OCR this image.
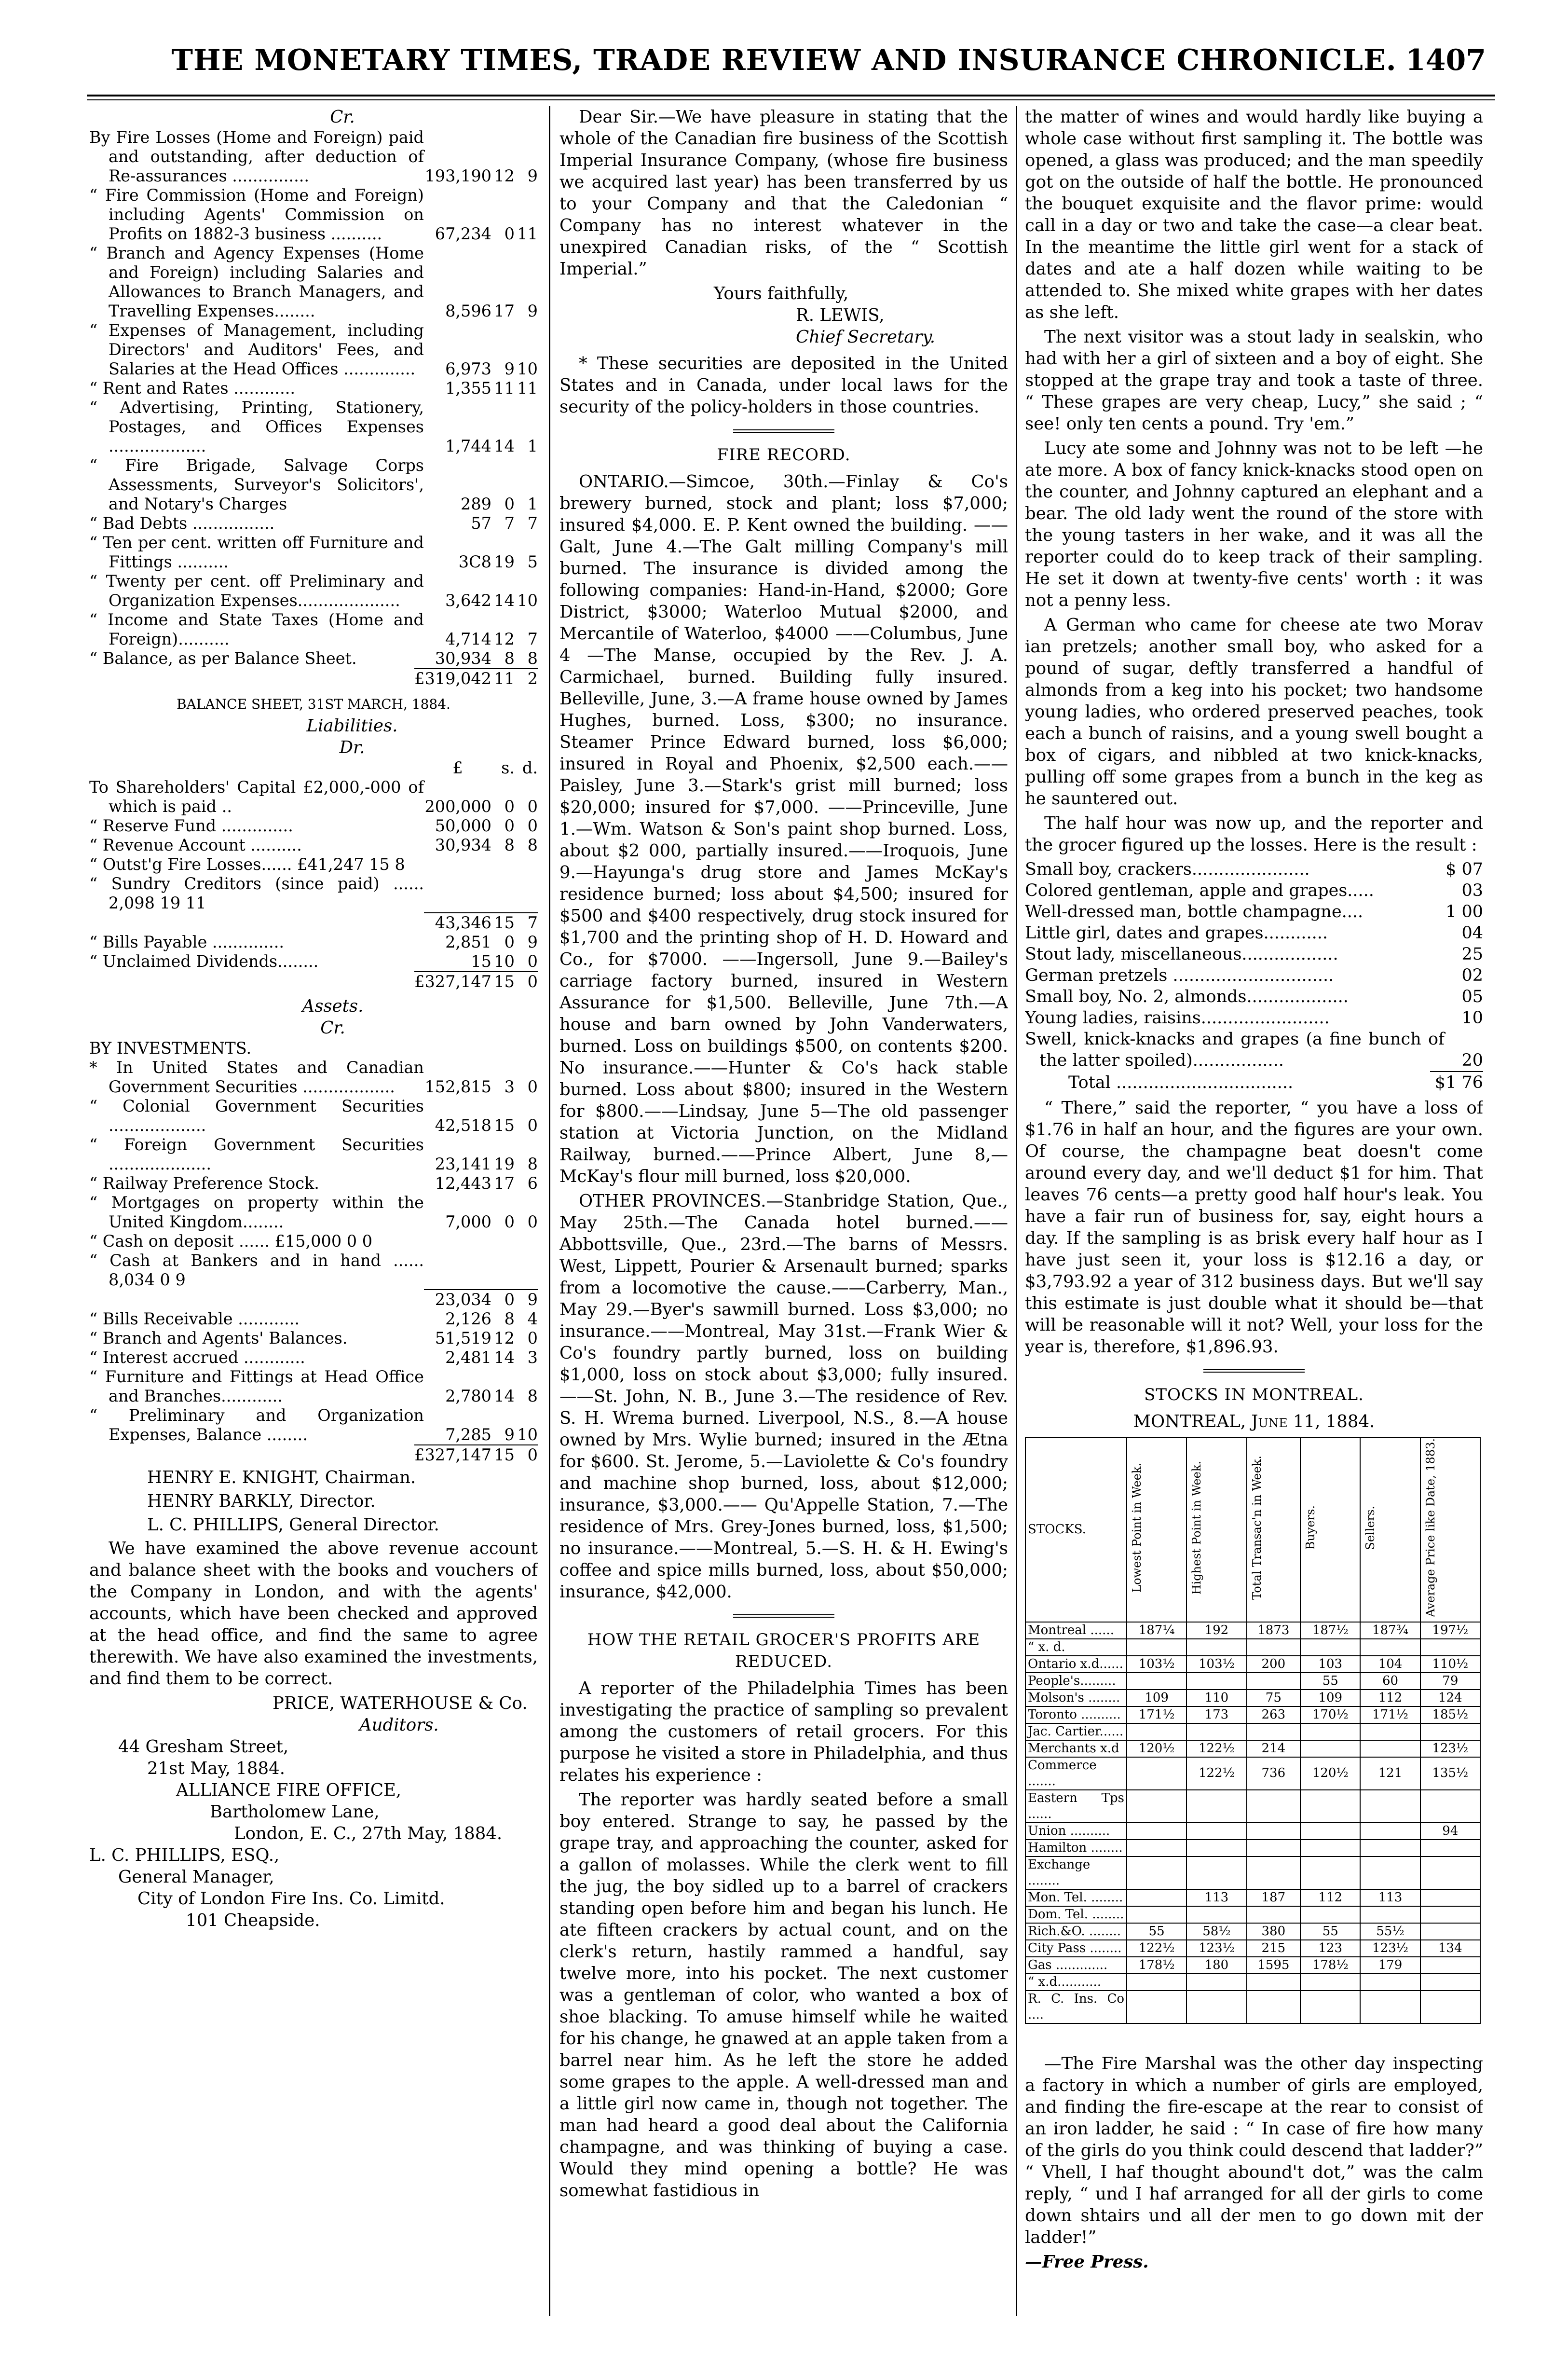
THE MONETARY TIMES, TRADE REVIEW AND INSURANCE CHRONICLE. 1407
Cr.
By Fire Losses (Home and Foreign) paid and outstanding, after deduction of Re-assurances ...............	193,190	12	9
“ Fire Commission (Home and Foreign) including Agents' Commission on Profits on 1882-3 business ..........	67,234	0	11
“ Branch and Agency Expenses (Home and Foreign) including Salaries and Allowances to Branch Managers, and Travelling Expenses........	8,596	17	9
“ Expenses of Management, including Directors' and Auditors' Fees, and Salaries at the Head Offices ..............	6,973	9	10
“ Rent and Rates ............	1,355	11	11
“ Advertising, Printing, Stationery, Postages, and Offices Expenses ...................	1,744	14	1
“ Fire Brigade, Salvage Corps Assessments, Surveyor's Solicitors', and Notary's Charges	289	0	1
“ Bad Debts ................	57	7	7
“ Ten per cent. written off Furniture and Fittings ..........	3C8	19	5
“ Twenty per cent. off Preliminary and Organization Expenses....................	3,642	14	10
“ Income and State Taxes (Home and Foreign)..........	4,714	12	7
“ Balance, as per Balance Sheet.	30,934	8	8
	£319,042	11	2
BALANCE SHEET, 31ST MARCH, 1884.
Liabilities.
Dr.
	£	s.	d.
To Shareholders' Capital £2,000,-000 of which is paid ..	200,000	0	0
“ Reserve Fund ..............	50,000	0	0
“ Revenue Account ..........	30,934	8	8
“ Outst'g Fire Losses...... £41,247 15 8			
“ Sundry Creditors (since paid) ...... 2,098 19 11			
	43,346	15	7
“ Bills Payable ..............	2,851	0	9
“ Unclaimed Dividends........	15	10	0
	£327,147	15	0
Assets.
Cr.
BY INVESTMENTS.			
* In United States and Canadian Government Securities ..................	152,815	3	0
“ Colonial Government Securities ...................	42,518	15	0
“ Foreign Government Securities ....................	23,141	19	8
“ Railway Preference Stock.	12,443	17	6
“ Mortgages on property within the United Kingdom........	7,000	0	0
“ Cash on deposit ...... £15,000 0 0			
“ Cash at Bankers and in hand ...... 8,034 0 9			
	23,034	0	9
“ Bills Receivable ............	2,126	8	4
“ Branch and Agents' Balances.	51,519	12	0
“ Interest accrued ............	2,481	14	3
“ Furniture and Fittings at Head Office and Branches............	2,780	14	8
“ Preliminary and Organization Expenses, Balance ........	7,285	9	10
	£327,147	15	0
HENRY E. KNIGHT, Chairman.
HENRY BARKLY, Director.
L. C. PHILLIPS, General Director.

We have examined the above revenue account and balance sheet with the books and vouchers of the Company in London, and with the agents' accounts, which have been checked and approved at the head office, and find the same to agree therewith. We have also examined the investments, and find them to be correct.

PRICE, WATERHOUSE & Co.
Auditors.
44 Gresham Street,
21st May, 1884.
ALLIANCE FIRE OFFICE,
Bartholomew Lane,
London, E. C., 27th May, 1884.
L. C. PHILLIPS, ESQ.,
General Manager,
City of London Fire Ins. Co. Limitd.
101 Cheapside.

Dear Sir.—We have pleasure in stating that the whole of the Canadian fire business of the Scottish Imperial Insurance Company, (whose fire business we acquired last year) has been transferred by us to your Company and that the Caledonian “ Company has no interest whatever in the unexpired Canadian risks, of the “ Scottish Imperial.”

Yours faithfully,
R. LEWIS,
Chief Secretary.

* These securities are deposited in the United States and in Canada, under local laws for the security of the policy-holders in those countries.

FIRE RECORD.

ONTARIO.—Simcoe, 30th.—Finlay & Co's brewery burned, stock and plant; loss $7,000; insured $4,000. E. P. Kent owned the building. ——Galt, June 4.—The Galt milling Company's mill burned. The insurance is divided among the following companies: Hand-in-Hand, $2000; Gore District, $3000; Waterloo Mutual $2000, and Mercantile of Waterloo, $4000 ——Columbus, June 4 —The Manse, occupied by the Rev. J. A. Carmichael, burned. Building fully insured. Belleville, June, 3.—A frame house owned by James Hughes, burned. Loss, $300; no insurance. Steamer Prince Edward burned, loss $6,000; insured in Royal and Phoenix, $2,500 each.——Paisley, June 3.—Stark's grist mill burned; loss $20,000; insured for $7,000. ——Princeville, June 1.—Wm. Watson & Son's paint shop burned. Loss, about $2 000, partially insured.——Iroquois, June 9.—Hayunga's drug store and James McKay's residence burned; loss about $4,500; insured for $500 and $400 respectively, drug stock insured for $1,700 and the printing shop of H. D. Howard and Co., for $7000. ——Ingersoll, June 9.—Bailey's carriage factory burned, insured in Western Assurance for $1,500. Belleville, June 7th.—A house and barn owned by John Vanderwaters, burned. Loss on buildings $500, on contents $200. No insurance.——Hunter & Co's hack stable burned. Loss about $800; insured in the Western for $800.——Lindsay, June 5—The old passenger station at Victoria Junction, on the Midland Railway, burned.——Prince Albert, June 8,—McKay's flour mill burned, loss $20,000.

OTHER PROVINCES.—Stanbridge Station, Que., May 25th.—The Canada hotel burned.——Abbottsville, Que., 23rd.—The barns of Messrs. West, Lippett, Pourier & Arsenault burned; sparks from a locomotive the cause.——Carberry, Man., May 29.—Byer's sawmill burned. Loss $3,000; no insurance.——Montreal, May 31st.—Frank Wier & Co's foundry partly burned, loss on building $1,000, loss on stock about $3,000; fully insured.——St. John, N. B., June 3.—The residence of Rev. S. H. Wrema burned. Liverpool, N.S., 8.—A house owned by Mrs. Wylie burned; insured in the Ætna for $600. St. Jerome, 5.—Laviolette & Co's foundry and machine shop burned, loss, about $12,000; insurance, $3,000.—— Qu'Appelle Station, 7.—The residence of Mrs. Grey-Jones burned, loss, $1,500; no insurance.——Montreal, 5.—S. H. & H. Ewing's coffee and spice mills burned, loss, about $50,000; insurance, $42,000.

HOW THE RETAIL GROCER'S PROFITS ARE REDUCED.

A reporter of the Philadelphia Times has been investigating the practice of sampling so prevalent among the customers of retail grocers. For this purpose he visited a store in Philadelphia, and thus relates his experience :

The reporter was hardly seated before a small boy entered. Strange to say, he passed by the grape tray, and approaching the counter, asked for a gallon of molasses. While the clerk went to fill the jug, the boy sidled up to a barrel of crackers standing open before him and began his lunch. He ate fifteen crackers by actual count, and on the clerk's return, hastily rammed a handful, say twelve more, into his pocket. The next customer was a gentleman of color, who wanted a box of shoe blacking. To amuse himself while he waited for his change, he gnawed at an apple taken from a barrel near him. As he left the store he added some grapes to the apple. A well-dressed man and a little girl now came in, though not together. The man had heard a good deal about the California champagne, and was thinking of buying a case. Would they mind opening a bottle? He was somewhat fastidious in

the matter of wines and would hardly like buying a whole case without first sampling it. The bottle was opened, a glass was produced; and the man speedily got on the outside of half the bottle. He pronounced the bouquet exquisite and the flavor prime: would call in a day or two and take the case—a clear beat. In the meantime the little girl went for a stack of dates and ate a half dozen while waiting to be attended to. She mixed white grapes with her dates as she left.

The next visitor was a stout lady in sealskin, who had with her a girl of sixteen and a boy of eight. She stopped at the grape tray and took a taste of three. “ These grapes are very cheap, Lucy,” she said ; “ see! only ten cents a pound. Try 'em.”

Lucy ate some and Johnny was not to be left —he ate more. A box of fancy knick-knacks stood open on the counter, and Johnny captured an elephant and a bear. The old lady went the round of the store with the young tasters in her wake, and it was all the reporter could do to keep track of their sampling. He set it down at twenty-five cents' worth : it was not a penny less.

A German who came for cheese ate two Morav ian pretzels; another small boy, who asked for a pound of sugar, deftly transferred a handful of almonds from a keg into his pocket; two handsome young ladies, who ordered preserved peaches, took each a bunch of raisins, and a young swell bought a box of cigars, and nibbled at two knick-knacks, pulling off some grapes from a bunch in the keg as he sauntered out.

The half hour was now up, and the reporter and the grocer figured up the losses. Here is the result :

Small boy, crackers......................	$ 07
Colored gentleman, apple and grapes.....	03
Well-dressed man, bottle champagne....	1 00
Little girl, dates and grapes............	04
Stout lady, miscellaneous..................	25
German pretzels ..............................	02
Small boy, No. 2, almonds...................	05
Young ladies, raisins........................	10
Swell, knick-knacks and grapes (a fine bunch of the latter spoiled).................	20
Total .................................	$1 76

“ There,” said the reporter, “ you have a loss of $1.76 in half an hour, and the figures are your own. Of course, the champagne beat doesn't come around every day, and we'll deduct $1 for him. That leaves 76 cents—a pretty good half hour's leak. You have a fair run of business for, say, eight hours a day. If the sampling is as brisk every half hour as I have just seen it, your loss is $12.16 a day, or $3,793.92 a year of 312 business days. But we'll say this estimate is just double what it should be—that will be reasonable will it not? Well, your loss for the year is, therefore, $1,896.93.

STOCKS IN MONTREAL.
MONTREAL, June 11, 1884.
STOCKS.	Lowest Point in Week.	Highest Point in Week.	Total Transac'n in Week.	Buyers.	Sellers.	Average Price like Date, 1883.
Montreal ......	187¼	192	1873	187½	187¾	197½
“ x. d.						
Ontario x.d......	103½	103½	200	103	104	110½
People's.........				55	60	79
Molson's ........	109	110	75	109	112	124
Toronto ..........	171½	173	263	170½	171½	185½
Jac. Cartier......						
Merchants x.d	120½	122½	214			123½
Commerce .......		122½	736	120½	121	135½
Eastern Tps ......						
Union ..........						94
Hamilton ........						
Exchange ........						
Mon. Tel. ........		113	187	112	113	
Dom. Tel. ........						
Rich.&O. ........	55	58½	380	55	55½	
City Pass ........	122½	123½	215	123	123½	134
Gas .............	178½	180	1595	178½	179	
“ x.d...........						
R. C. Ins. Co ....						

—The Fire Marshal was the other day inspecting a factory in which a number of girls are employed, and finding the fire-escape at the rear to consist of an iron ladder, he said : “ In case of fire how many of the girls do you think could descend that ladder?” “ Vhell, I haf thought abound't dot,” was the calm reply, “ und I haf arranged for all der girls to come down shtairs und all der men to go down mit der ladder!”

—Free Press.
